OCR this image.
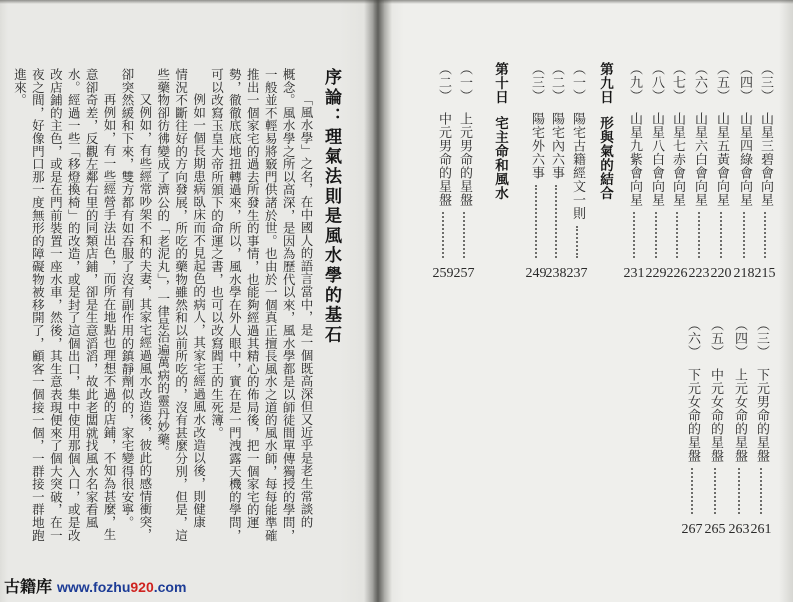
序論：理氣法則是風水學的基石

「風水學」之名，在中國人的語言當中，是一個既高深但又近乎是老生常談的

概念。風水學之所以高深，是因為歷代以來，風水學都是以師徒間單傳獨授的學問，

一般並不輕易將竅門供諸於世。也由於一個真正擅長風水之道的風水師，每每能準確

推出一個家宅的過去所發生的事情，也能夠經過其精心的佈局後，把一個家宅的運

勢，徹徹底底地扭轉過來，所以，風水學在外人眼中，實在是一門洩露天機的學問，

可以改寫玉皇大帝所頒下的命運之書，也可以改寫閻王的生死簿。

例如一個長期患病臥床而不見起色的病人，其家宅經過風水改造以後，則健康

情況不斷往好的方向發展，所吃的藥物雖然和以前所吃的，沒有甚麼分別，但是，這

些藥物卻彷彿變成了濟公的「老泥丸」，一律是治遍萬病的靈丹妙藥。

又例如，有些經常吵架不和的夫妻，其家宅經過風水改造後，彼此的感情衝突，

卻突然緩和下來，雙方都有如吞服了沒有副作用的鎮靜劑似的，家宅變得很安寧。

再例如，有一些經營手法出色，而所在地點也理想不過的店鋪，不知為甚麼，生

意卻奇差，反觀左鄰右里的同類店鋪，卻是生意滔滔，故此老闆就找風水名家看風

水。經過一些「移燈換椅」的改造，或是封了這個出口，集中使用那個入口，或是改

改店鋪的主色，或是在門前裝置一座水車，然後，其生意表現便來了個大突破，在一

夜之間，好像門口那一度無形的障礙物被移開了，顧客一個接一個，一群接一群地跑

進來。	（三）
山星三碧會向星
215
（四）
山星四綠會向星
218
（五）
山星五黃會向星
220
（六）
山星六白會向星
223
（七）
山星七赤會向星
226
（八）
山星八白會向星
229
（九）
山星九紫會向星
231
第九日
形與氣的結合
（一）
陽宅古籍經文一則
237
（二）
陽宅內六事
238
（三）
陽宅外六事
249
第十日
宅主命和風水
（一）
上元男命的星盤
257
（二）
中元男命的星盤
259
（三）
下元男命的星盤
261
（四）
上元女命的星盤
263
（五）
中元女命的星盤
265
（六）
下元女命的星盤
267
古籍库 www.fozhu920.com
